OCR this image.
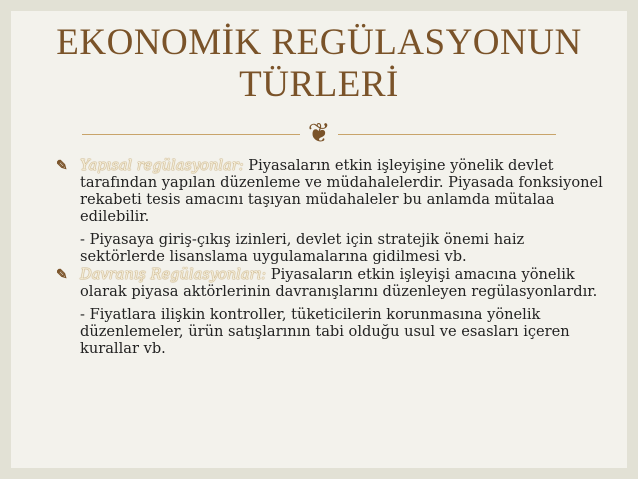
EKONOMİK REGÜLASYONUN
TÜRLERİ
❦

✎ Yapısal regülasyonlar: Piyasaların etkin işleyişine yönelik devlet tarafından yapılan düzenleme ve müdahalelerdir. Piyasada fonksiyonel rekabeti tesis amacını taşıyan müdahaleler bu anlamda mütalaa edilebilir.

- Piyasaya giriş-çıkış izinleri, devlet için stratejik önemi haiz sektörlerde lisanslama uygulamalarına gidilmesi vb.

✎ Davranış Regülasyonları: Piyasaların etkin işleyişi amacına yönelik olarak piyasa aktörlerinin davranışlarını düzenleyen regülasyonlardır.

- Fiyatlara ilişkin kontroller, tüketicilerin korunmasına yönelik düzenlemeler, ürün satışlarının tabi olduğu usul ve esasları içeren kurallar vb.
